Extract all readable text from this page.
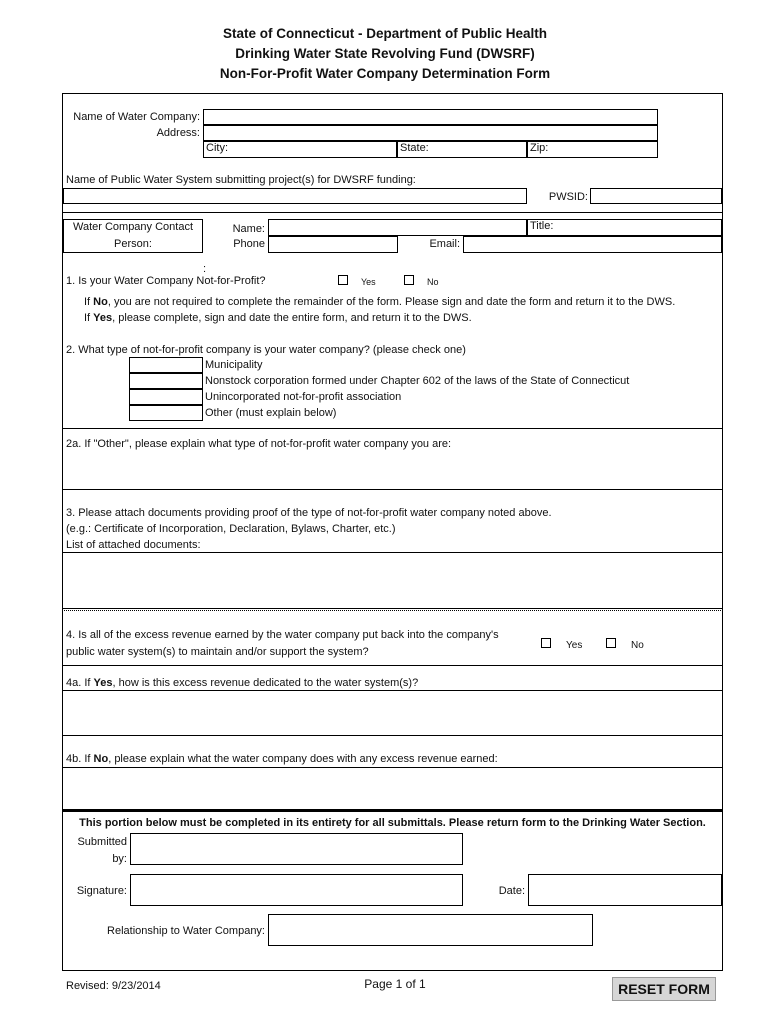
State of Connecticut - Department of Public Health
Drinking Water State Revolving Fund (DWSRF)
Non-For-Profit Water Company Determination Form
Name of Water Company:
Address:
City:	State:	Zip:
Name of Public Water System submitting project(s) for DWSRF funding:
PWSID:
Water Company Contact
Person:
Name:	Title:
Phone	Email:
:
1. Is your Water Company Not-for-Profit?	Yes	No
If No, you are not required to complete the remainder of the form. Please sign and date the form and return it to the DWS.
If Yes, please complete, sign and date the entire form, and return it to the DWS.
2. What type of not-for-profit company is your water company? (please check one)
Municipality
Nonstock corporation formed under Chapter 602 of the laws of the State of Connecticut
Unincorporated not-for-profit association
Other (must explain below)
2a. If "Other", please explain what type of not-for-profit water company you are:
3. Please attach documents providing proof of the type of not-for-profit water company noted above.
(e.g.: Certificate of Incorporation, Declaration, Bylaws, Charter, etc.)
List of attached documents:
4. Is all of the excess revenue earned by the water company put back into the company's
public water system(s) to maintain and/or support the system?
Yes	No
4a. If Yes, how is this excess revenue dedicated to the water system(s)?
4b. If No, please explain what the water company does with any excess revenue earned:
This portion below must be completed in its entirety for all submittals. Please return form to the Drinking Water Section.
Submitted
by:
Signature:	Date:
Relationship to Water Company:
Revised: 9/23/2014	Page 1 of 1	RESET FORM
